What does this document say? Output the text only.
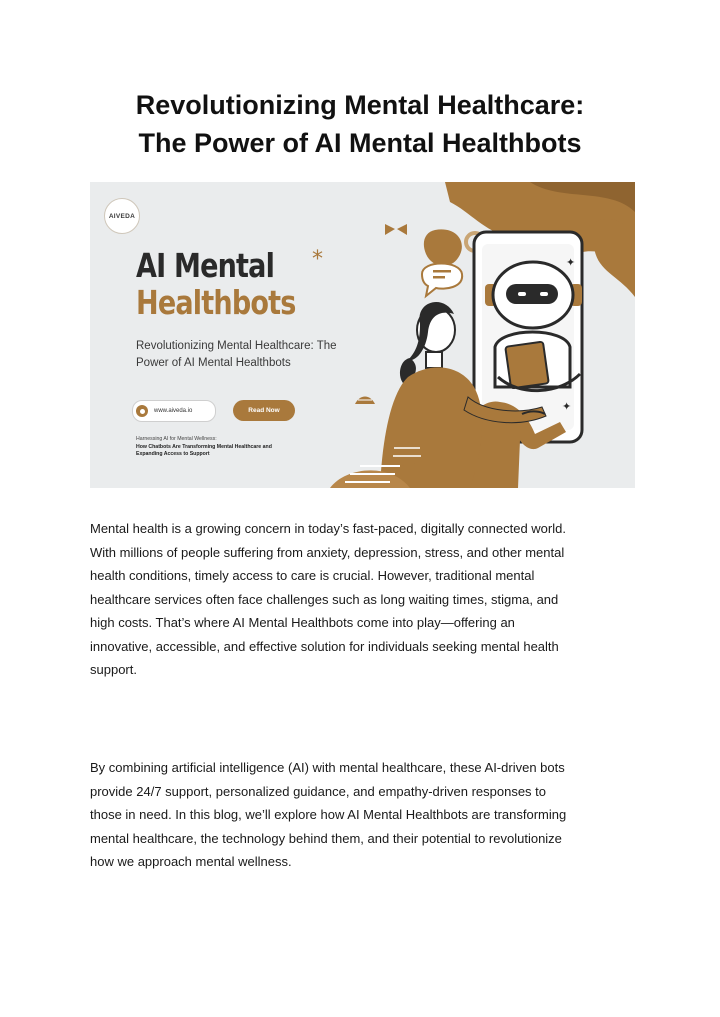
Revolutionizing Mental Healthcare:
The Power of AI Mental Healthbots
*	✦
✦
AIVEDA
AI Mental
Healthbots
Revolutionizing Mental Healthcare: The
Power of AI Mental Healthbots
www.aiveda.io	Read Now
Harnessing AI for Mental Wellness:
How Chatbots Are Transforming Mental Healthcare and
Expanding Access to Support
Mental health is a growing concern in today’s fast-paced, digitally connected world.
With millions of people suffering from anxiety, depression, stress, and other mental
health conditions, timely access to care is crucial. However, traditional mental
healthcare services often face challenges such as long waiting times, stigma, and
high costs. That’s where AI Mental Healthbots come into play—offering an
innovative, accessible, and effective solution for individuals seeking mental health
support.
By combining artificial intelligence (AI) with mental healthcare, these AI-driven bots
provide 24/7 support, personalized guidance, and empathy-driven responses to
those in need. In this blog, we’ll explore how AI Mental Healthbots are transforming
mental healthcare, the technology behind them, and their potential to revolutionize
how we approach mental wellness.
